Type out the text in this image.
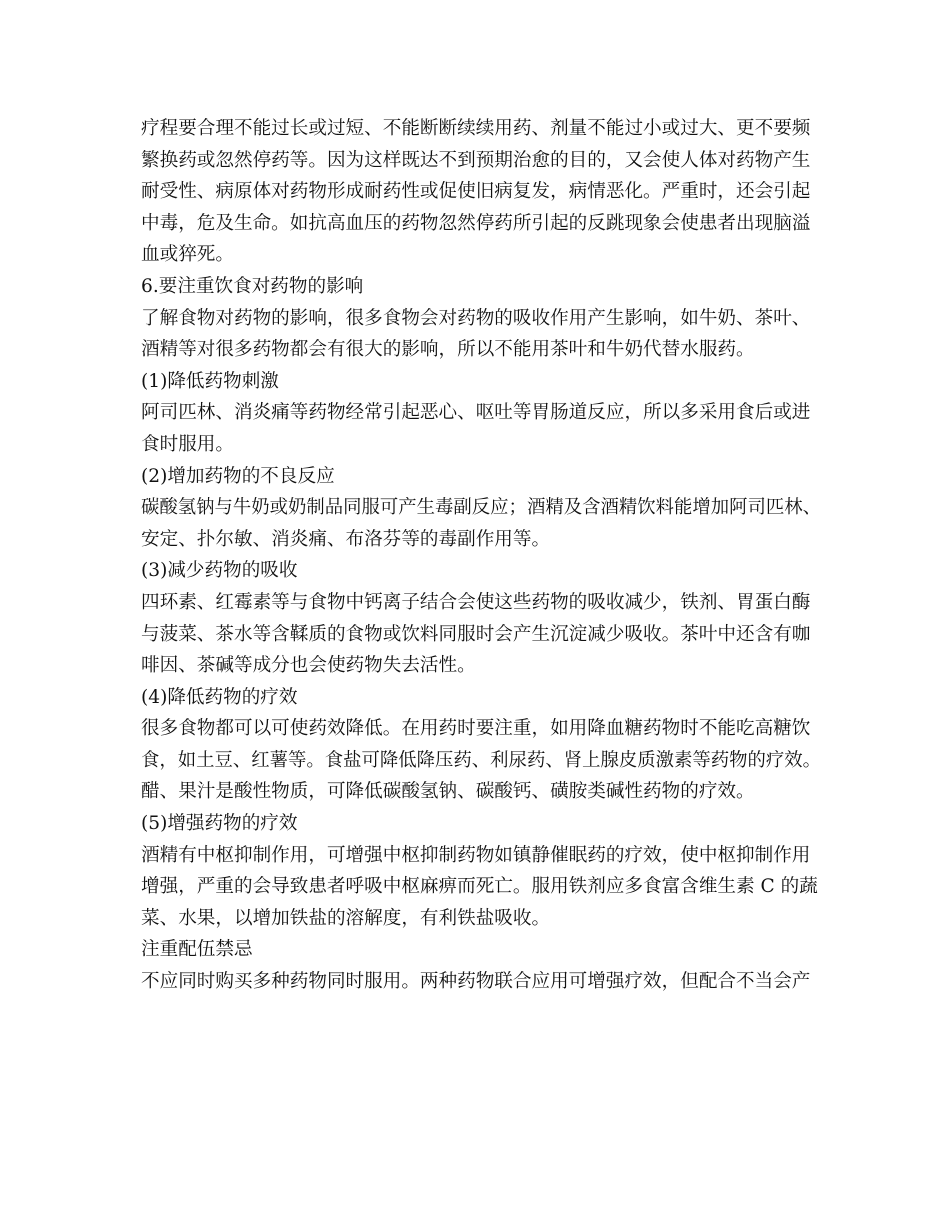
疗程要合理不能过长或过短、不能断断续续用药、剂量不能过小或过大、更不要频
繁换药或忽然停药等。因为这样既达不到预期治愈的目的，又会使人体对药物产生
耐受性、病原体对药物形成耐药性或促使旧病复发，病情恶化。严重时，还会引起
中毒，危及生命。如抗高血压的药物忽然停药所引起的反跳现象会使患者出现脑溢
血或猝死。
6.要注重饮食对药物的影响
了解食物对药物的影响，很多食物会对药物的吸收作用产生影响，如牛奶、茶叶、
酒精等对很多药物都会有很大的影响，所以不能用茶叶和牛奶代替水服药。
(1)降低药物刺激
阿司匹林、消炎痛等药物经常引起恶心、呕吐等胃肠道反应，所以多采用食后或进
食时服用。
(2)增加药物的不良反应
碳酸氢钠与牛奶或奶制品同服可产生毒副反应；酒精及含酒精饮料能增加阿司匹林、
安定、扑尔敏、消炎痛、布洛芬等的毒副作用等。
(3)减少药物的吸收
四环素、红霉素等与食物中钙离子结合会使这些药物的吸收减少，铁剂、胃蛋白酶
与菠菜、茶水等含鞣质的食物或饮料同服时会产生沉淀减少吸收。茶叶中还含有咖
啡因、茶碱等成分也会使药物失去活性。
(4)降低药物的疗效
很多食物都可以可使药效降低。在用药时要注重，如用降血糖药物时不能吃高糖饮
食，如土豆、红薯等。食盐可降低降压药、利尿药、肾上腺皮质激素等药物的疗效。
醋、果汁是酸性物质，可降低碳酸氢钠、碳酸钙、磺胺类碱性药物的疗效。
(5)增强药物的疗效
酒精有中枢抑制作用，可增强中枢抑制药物如镇静催眠药的疗效，使中枢抑制作用
增强，严重的会导致患者呼吸中枢麻痹而死亡。服用铁剂应多食富含维生素 C 的蔬
菜、水果，以增加铁盐的溶解度，有利铁盐吸收。
注重配伍禁忌
不应同时购买多种药物同时服用。两种药物联合应用可增强疗效，但配合不当会产
